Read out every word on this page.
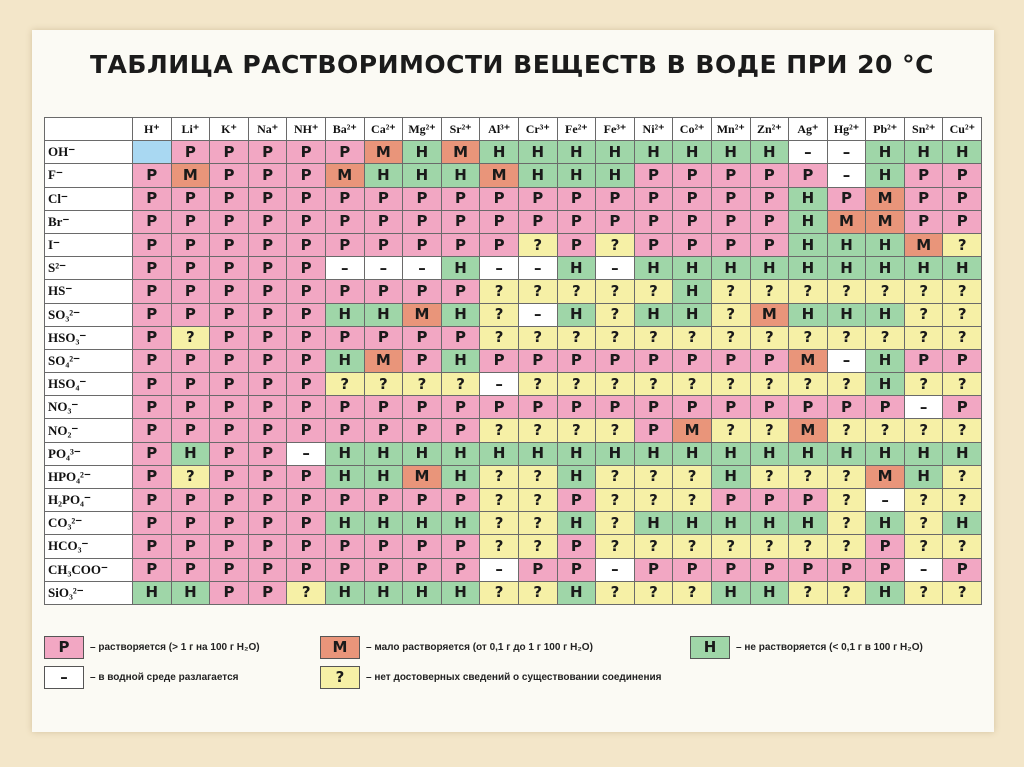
ТАБЛИЦА РАСТВОРИМОСТИ ВЕЩЕСТВ В ВОДЕ ПРИ 20 °С
	H⁺	Li⁺	K⁺	Na⁺	NH⁺	Ba²⁺	Ca²⁺	Mg²⁺	Sr²⁺	Al³⁺	Cr³⁺	Fe²⁺	Fe³⁺	Ni²⁺	Co²⁺	Mn²⁺	Zn²⁺	Ag⁺	Hg²⁺	Pb²⁺	Sn²⁺	Cu²⁺
OH⁻		Р	Р	Р	Р	Р	М	Н	М	Н	Н	Н	Н	Н	Н	Н	Н	–	–	Н	Н	Н

F⁻	Р	М	Р	Р	Р	М	Н	Н	Н	М	Н	Н	Н	Р	Р	Р	Р	Р	–	Н	Р	Р

Cl⁻	Р	Р	Р	Р	Р	Р	Р	Р	Р	Р	Р	Р	Р	Р	Р	Р	Р	Н	Р	М	Р	Р

Br⁻	Р	Р	Р	Р	Р	Р	Р	Р	Р	Р	Р	Р	Р	Р	Р	Р	Р	Н	М	М	Р	Р

I⁻	Р	Р	Р	Р	Р	Р	Р	Р	Р	Р	?	Р	?	Р	Р	Р	Р	Н	Н	Н	М	?

S²⁻	Р	Р	Р	Р	Р	–	–	–	Н	–	–	Н	–	Н	Н	Н	Н	Н	Н	Н	Н	Н

HS⁻	Р	Р	Р	Р	Р	Р	Р	Р	Р	?	?	?	?	?	Н	?	?	?	?	?	?	?

SO₃²⁻	Р	Р	Р	Р	Р	Н	Н	М	Н	?	–	Н	?	Н	Н	?	М	Н	Н	Н	?	?

HSO₃⁻	Р	?	Р	Р	Р	Р	Р	Р	Р	?	?	?	?	?	?	?	?	?	?	?	?	?

SO₄²⁻	Р	Р	Р	Р	Р	Н	М	Р	Н	Р	Р	Р	Р	Р	Р	Р	Р	М	–	Н	Р	Р

HSO₄⁻	Р	Р	Р	Р	Р	?	?	?	?	–	?	?	?	?	?	?	?	?	?	Н	?	?

NO₃⁻	Р	Р	Р	Р	Р	Р	Р	Р	Р	Р	Р	Р	Р	Р	Р	Р	Р	Р	Р	Р	–	Р

NO₂⁻	Р	Р	Р	Р	Р	Р	Р	Р	Р	?	?	?	?	Р	М	?	?	М	?	?	?	?

PO₄³⁻	Р	Н	Р	Р	–	Н	Н	Н	Н	Н	Н	Н	Н	Н	Н	Н	Н	Н	Н	Н	Н	Н

HPO₄²⁻	Р	?	Р	Р	Р	Н	Н	М	Н	?	?	Н	?	?	?	Н	?	?	?	М	Н	?

H₂PO₄⁻	Р	Р	Р	Р	Р	Р	Р	Р	Р	?	?	Р	?	?	?	Р	Р	Р	?	–	?	?

CO₃²⁻	Р	Р	Р	Р	Р	Н	Н	Н	Н	?	?	Н	?	Н	Н	Н	Н	Н	?	Н	?	Н

HCO₃⁻	Р	Р	Р	Р	Р	Р	Р	Р	Р	?	?	Р	?	?	?	?	?	?	?	Р	?	?

CH₃COO⁻	Р	Р	Р	Р	Р	Р	Р	Р	Р	–	Р	Р	–	Р	Р	Р	Р	Р	Р	Р	–	Р

SiO₃²⁻	Н	Н	Р	Р	?	Н	Н	Н	Н	?	?	Н	?	?	?	Н	Н	?	?	Н	?	?
Р	– растворяется (> 1 г на 100 г H₂O)	М	– мало растворяется (от 0,1 г до 1 г 100 г H₂O)	Н	– не растворяется (< 0,1 г в 100 г H₂O)
–	– в водной среде разлагается	?	– нет достоверных сведений о существовании соединения
